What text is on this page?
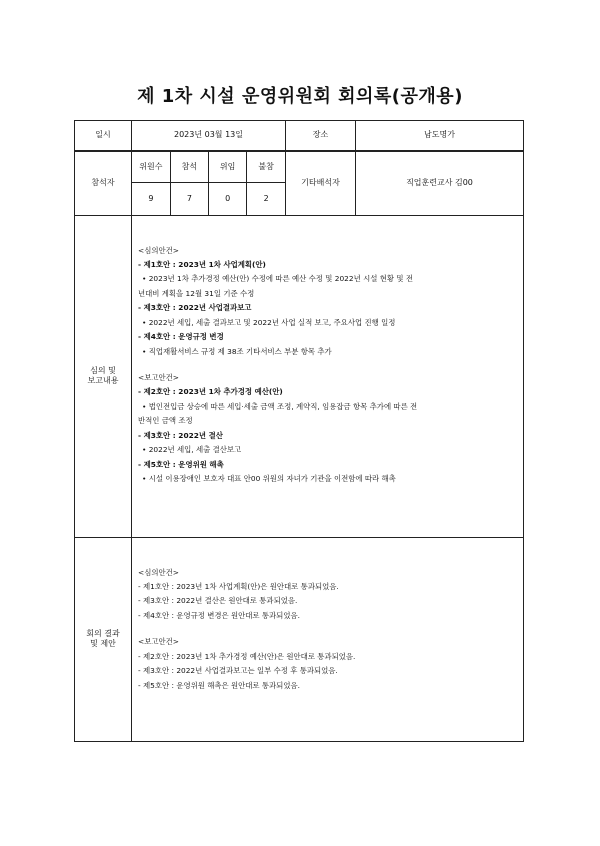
제 1차 시설 운영위원회 회의록(공개용)
일시	2023년 03월 13일	장소	남도명가
참석자	
위원수	참석	위임	불참
9	7	0	2
	기타배석자	직업훈련교사 김00

심의 및
보고내용

<심의안건>
- 제1호안 : 2023년 1차 사업계획(안)
• 2023년 1차 추가경정 예산(안) 수정에 따른 예산 수정 및 2022년 시설 현황 및 전
년대비 계획을 12월 31일 기준 수정
- 제3호안 : 2022년 사업결과보고
• 2022년 세입, 세출 결과보고 및 2022년 사업 실적 보고, 주요사업 진행 일정
- 제4호안 : 운영규정 변경
• 직업재활서비스 규정 제 38조 기타서비스 부분 항목 추가
<보고안건>
- 제2호안 : 2023년 1차 추가경정 예산(안)
• 법인전입금 상승에 따른 세입·세출 금액 조정, 계약직, 임용잡금 항목 추가에 따른 전
반적인 금액 조정
- 제3호안 : 2022년 결산
• 2022년 세입, 세출 결산보고
- 제5호안 : 운영위원 해촉
• 시설 이용장애인 보호자 대표 안00 위원의 자녀가 기관을 이전함에 따라 해촉

회의 결과
및 제안

<심의안건>
- 제1호안 : 2023년 1차 사업계획(안)은 원안대로 통과되었음.
- 제3호안 : 2022년 결산은 원안대로 통과되었음.
- 제4호안 : 운영규정 변경은 원안대로 통과되었음.
<보고안건>
- 제2호안 : 2023년 1차 추가경정 예산(안)은 원안대로 통과되었음.
- 제3호안 : 2022년 사업결과보고는 일부 수정 후 통과되었음.
- 제5호안 : 운영위원 해촉은 원안대로 통과되었음.
